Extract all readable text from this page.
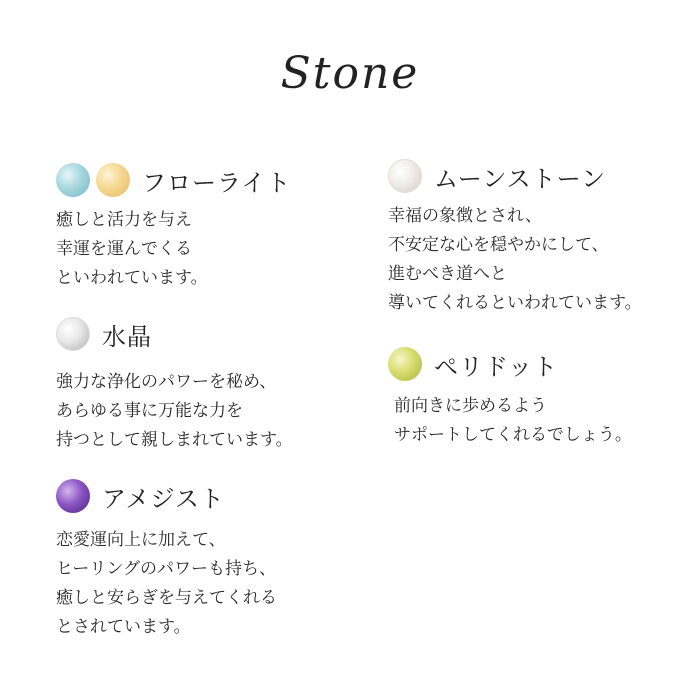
Stone
フローライト
癒しと活力を与え
幸運を運んでくる
といわれています。
水晶
強力な浄化のパワーを秘め、
あらゆる事に万能な力を
持つとして親しまれています。
アメジスト
恋愛運向上に加えて、
ヒーリングのパワーも持ち、
癒しと安らぎを与えてくれる
とされています。
ムーンストーン
幸福の象徴とされ、
不安定な心を穏やかにして、
進むべき道へと
導いてくれるといわれています。
ペリドット
前向きに歩めるよう
サポートしてくれるでしょう。
